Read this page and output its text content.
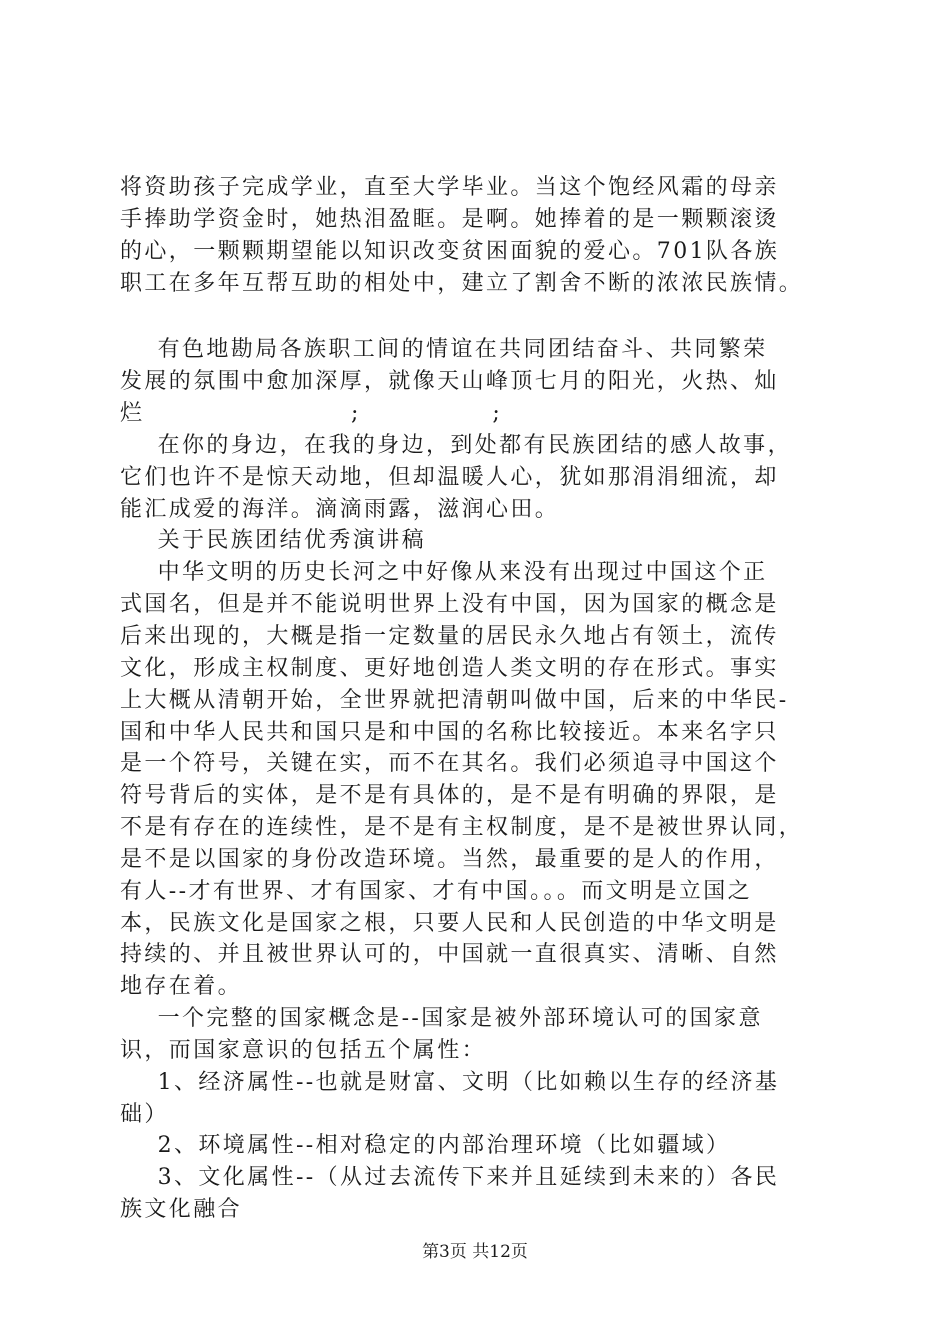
将资助孩子完成学业，直至大学毕业。当这个饱经风霜的母亲
手捧助学资金时，她热泪盈眶。是啊。她捧着的是一颗颗滚烫
的心，一颗颗期望能以知识改变贫困面貌的爱心。701队各族
职工在多年互帮互助的相处中，建立了割舍不断的浓浓民族情。
有色地勘局各族职工间的情谊在共同团结奋斗、共同繁荣
发展的氛围中愈加深厚，就像天山峰顶七月的阳光，火热、灿
烂                      ;              ;
在你的身边，在我的身边，到处都有民族团结的感人故事，
它们也许不是惊天动地，但却温暖人心，犹如那涓涓细流，却
能汇成爱的海洋。滴滴雨露，滋润心田。
关于民族团结优秀演讲稿
中华文明的历史长河之中好像从来没有出现过中国这个正
式国名，但是并不能说明世界上没有中国，因为国家的概念是
后来出现的，大概是指一定数量的居民永久地占有领土，流传
文化，形成主权制度、更好地创造人类文明的存在形式。事实
上大概从清朝开始，全世界就把清朝叫做中国，后来的中华民-
国和中华人民共和国只是和中国的名称比较接近。本来名字只
是一个符号，关键在实，而不在其名。我们必须追寻中国这个
符号背后的实体，是不是有具体的，是不是有明确的界限，是
不是有存在的连续性，是不是有主权制度，是不是被世界认同，
是不是以国家的身份改造环境。当然，最重要的是人的作用，
有人--才有世界、才有国家、才有中国。。。而文明是立国之
本，民族文化是国家之根，只要人民和人民创造的中华文明是
持续的、并且被世界认可的，中国就一直很真实、清晰、自然
地存在着。
一个完整的国家概念是--国家是被外部环境认可的国家意
识，而国家意识的包括五个属性：
1、经济属性--也就是财富、文明（比如赖以生存的经济基
础）
2、环境属性--相对稳定的内部治理环境（比如疆域）
3、文化属性--（从过去流传下来并且延续到未来的）各民
族文化融合
第3页 共12页
